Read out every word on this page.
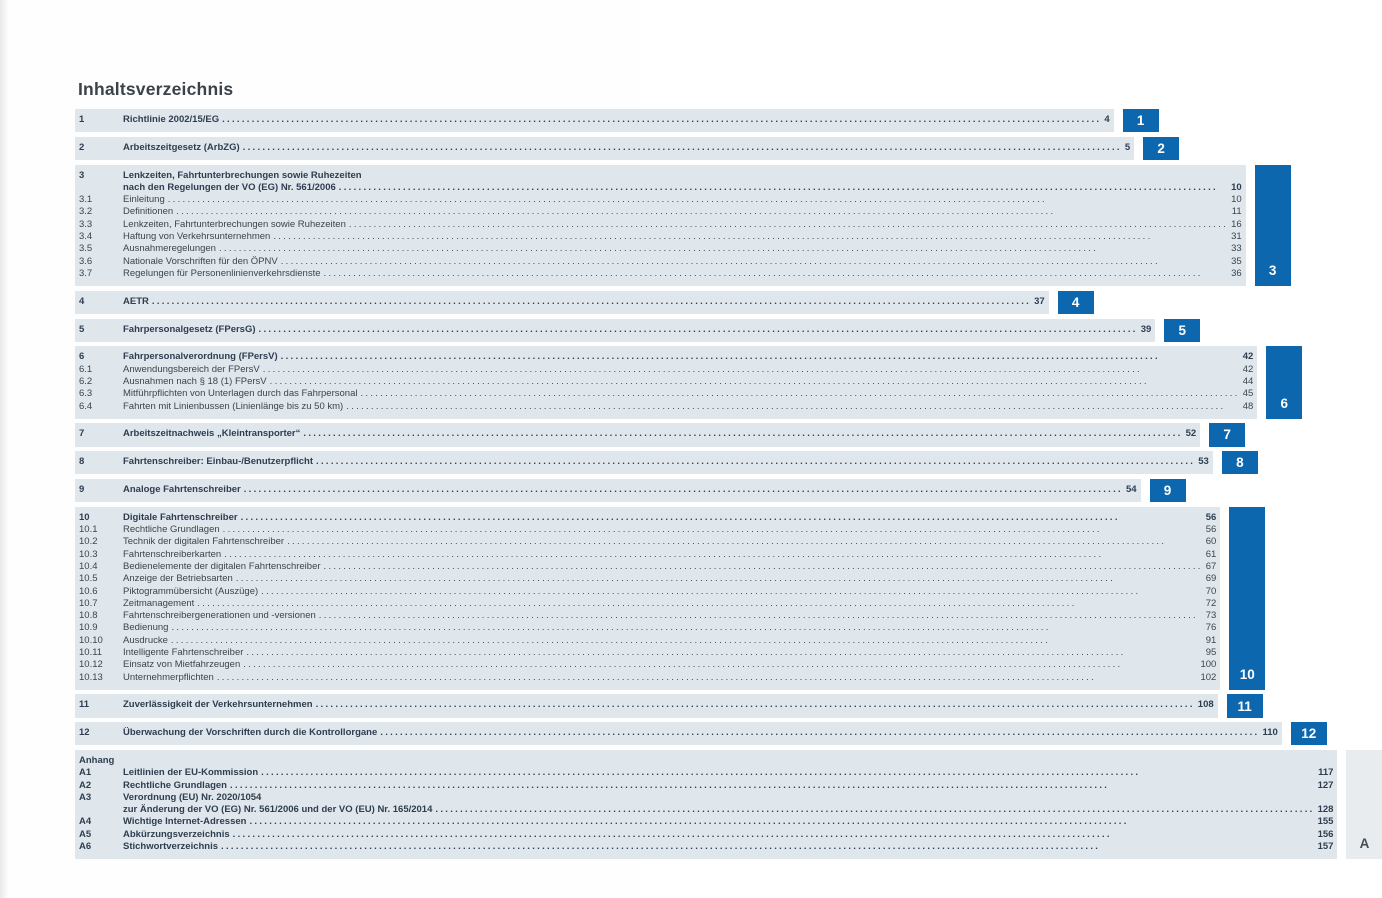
Inhaltsverzeichnis
1	Richtlinie 2002/15/EG .....	4 1
2	Arbeitszeitgesetz (ArbZG) .....	5 2
3	Lenkzeiten, Fahrtunterbrechungen sowie Ruhezeiten
nach den Regelungen der VO (EG) Nr. 561/2006 .....	10
3.1	Einleitung .....	10
3.2	Definitionen .....	11
3.3	Lenkzeiten, Fahrtunterbrechungen sowie Ruhezeiten .....	16
3.4	Haftung von Verkehrsunternehmen .....	31
3.5	Ausnahmeregelungen .....	33
3.6	Nationale Vorschriften für den ÖPNV .....	35
3.7	Regelungen für Personenlinienverkehrsdienste .....	36 3
4	AETR .....	37 4
5	Fahrpersonalgesetz (FPersG) .....	39 5
6	Fahrpersonalverordnung (FPersV) .....	42
6.1	Anwendungsbereich der FPersV .....	42
6.2	Ausnahmen nach § 18 (1) FPersV .....	44
6.3	Mitführpflichten von Unterlagen durch das Fahrpersonal .....	45
6.4	Fahrten mit Linienbussen (Linienlänge bis zu 50 km) .....	48 6
7	Arbeitszeitnachweis „Kleintransporter“ .....	52 7
8	Fahrtenschreiber: Einbau-/Benutzerpflicht .....	53 8
9	Analoge Fahrtenschreiber .....	54 9
10	Digitale Fahrtenschreiber .....	56
10.1	Rechtliche Grundlagen .....	56
10.2	Technik der digitalen Fahrtenschreiber .....	60
10.3	Fahrtenschreiberkarten .....	61
10.4	Bedienelemente der digitalen Fahrtenschreiber .....	67
10.5	Anzeige der Betriebsarten .....	69
10.6	Piktogrammübersicht (Auszüge) .....	70
10.7	Zeitmanagement .....	72
10.8	Fahrtenschreibergenerationen und -versionen .....	73
10.9	Bedienung .....	76
10.10	Ausdrucke .....	91
10.11	Intelligente Fahrtenschreiber .....	95
10.12	Einsatz von Mietfahrzeugen .....	100
10.13	Unternehmerpflichten .....	102 10
11	Zuverlässigkeit der Verkehrsunternehmen .....	108 11
12	Überwachung der Vorschriften durch die Kontrollorgane .....	110 12
Anhang
A1	Leitlinien der EU-Kommission .....	117
A2	Rechtliche Grundlagen .....	127
A3	Verordnung (EU) Nr. 2020/1054
zur Änderung der VO (EG) Nr. 561/2006 und der VO (EU) Nr. 165/2014 .....	128
A4	Wichtige Internet-Adressen .....	155
A5	Abkürzungsverzeichnis .....	156
A6	Stichwortverzeichnis .....	157 A
